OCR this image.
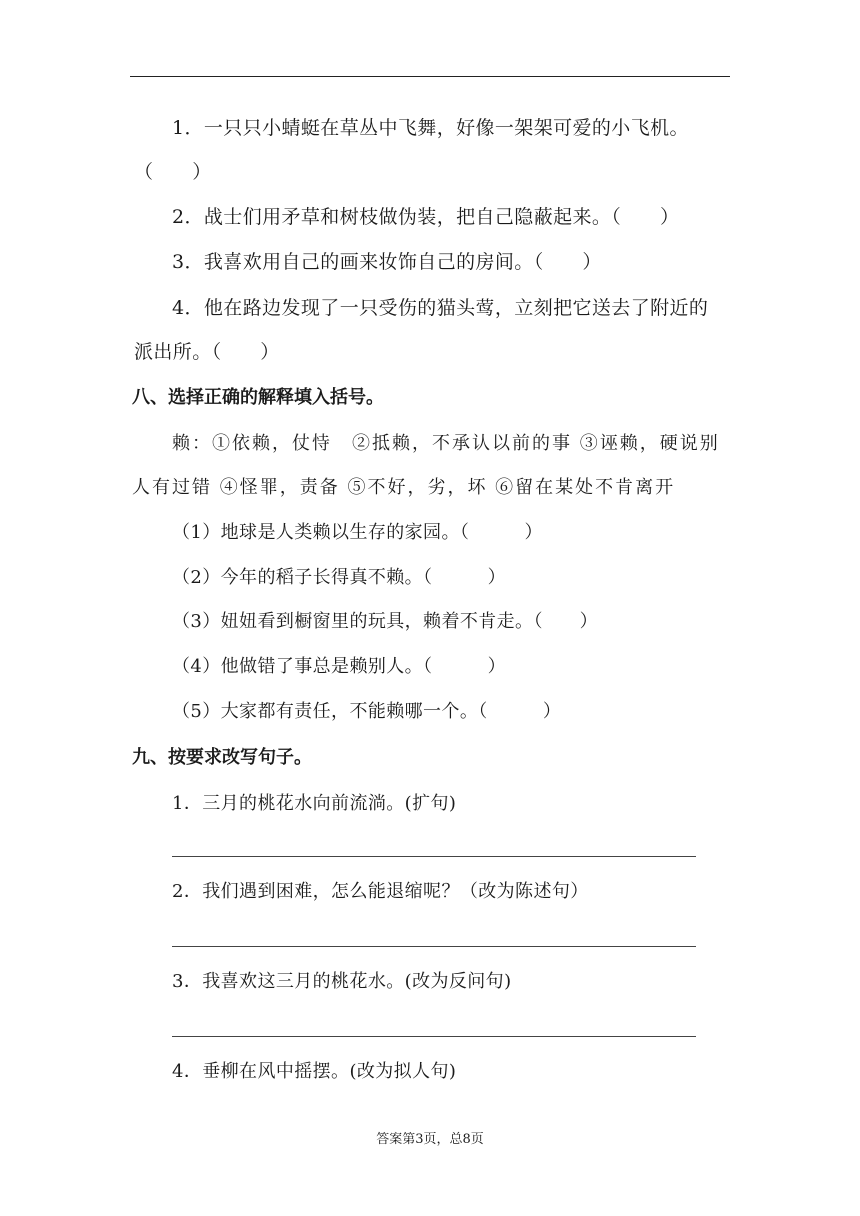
1．一只只小蜻蜓在草丛中飞舞，好像一架架可爱的小飞机。
（　　）
2．战士们用矛草和树枝做伪装，把自己隐蔽起来。（　　）
3．我喜欢用自己的画来妆饰自己的房间。（　　）
4．他在路边发现了一只受伤的猫头莺，立刻把它送去了附近的
派出所。（　　）
八、选择正确的解释填入括号。
赖：①依赖，仗恃　②抵赖，不承认以前的事 ③诬赖，硬说别
人有过错 ④怪罪，责备 ⑤不好，劣，坏 ⑥留在某处不肯离开
（1）地球是人类赖以生存的家园。（　　　）
（2）今年的稻子长得真不赖。（　　　）
（3）妞妞看到橱窗里的玩具，赖着不肯走。（　　）
（4）他做错了事总是赖别人。（　　　）
（5）大家都有责任，不能赖哪一个。（　　　）
九、按要求改写句子。
1．三月的桃花水向前流淌。(扩句)
2．我们遇到困难，怎么能退缩呢？（改为陈述句）
3．我喜欢这三月的桃花水。(改为反问句)
4．垂柳在风中摇摆。(改为拟人句)
答案第3页，总8页
